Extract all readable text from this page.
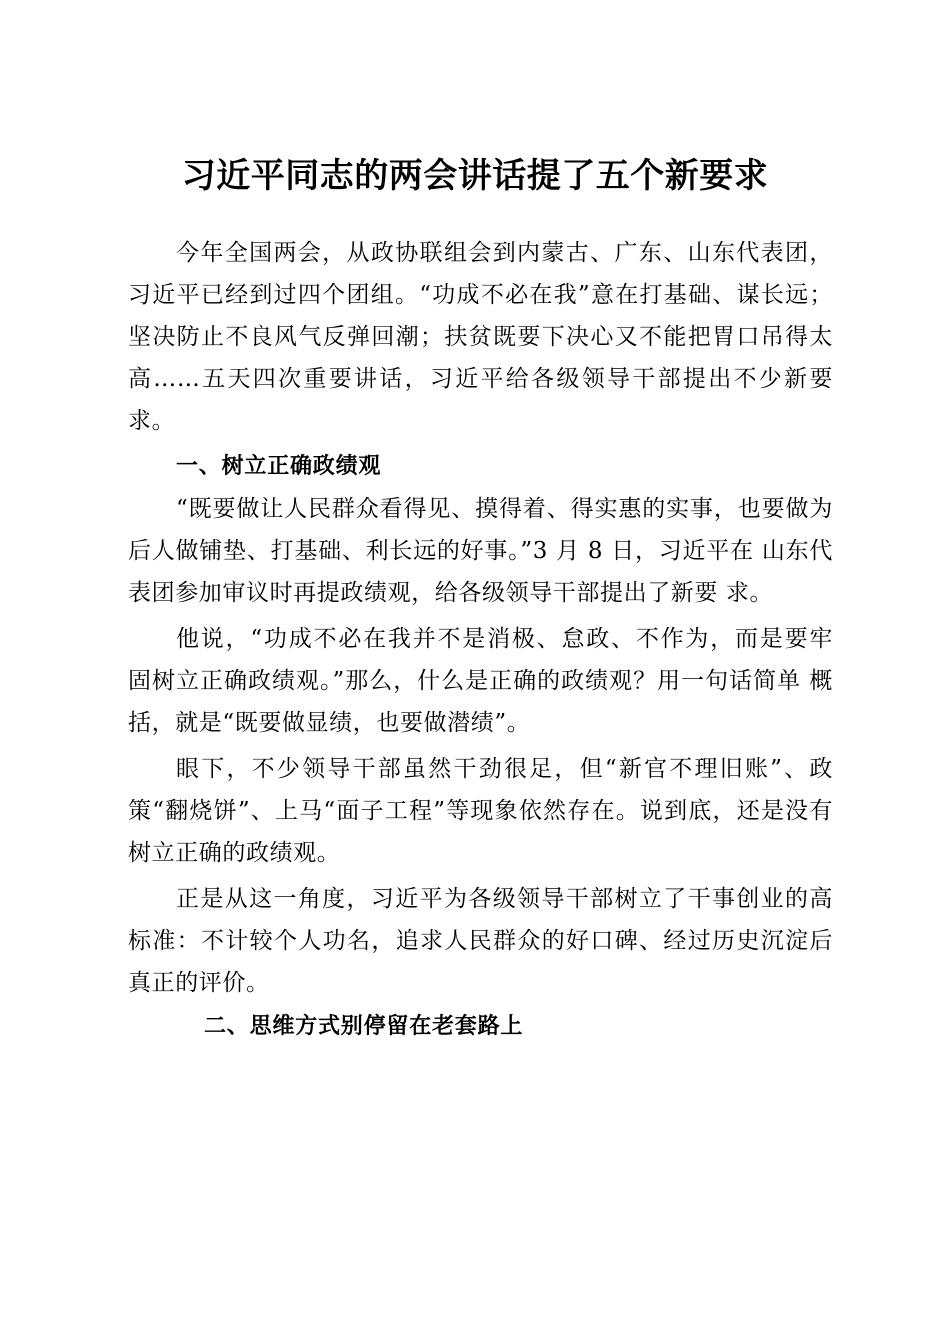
习近平同志的两会讲话提了五个新要求

今年全国两会，从政协联组会到内蒙古、广东、山东代表团，习近平已经到过四个团组。“功成不必在我”意在打基础、谋长远；坚决防止不良风气反弹回潮；扶贫既要下决心又不能把胃口吊得太高……五天四次重要讲话，习近平给各级领导干部提出不少新要求。

一、树立正确政绩观

“既要做让人民群众看得见、摸得着、得实惠的实事，也要做为后人做铺垫、打基础、利长远的好事。”3 月 8 日，习近平在 山东代表团参加审议时再提政绩观，给各级领导干部提出了新要 求。

他说，“功成不必在我并不是消极、怠政、不作为，而是要牢 固树立正确政绩观。”那么，什么是正确的政绩观？用一句话简单 概括，就是“既要做显绩，也要做潜绩”。

眼下，不少领导干部虽然干劲很足，但“新官不理旧账”、政策“翻烧饼”、上马“面子工程”等现象依然存在。说到底，还是没有树立正确的政绩观。

正是从这一角度，习近平为各级领导干部树立了干事创业的高标准：不计较个人功名，追求人民群众的好口碑、经过历史沉淀后真正的评价。

二、思维方式别停留在老套路上
